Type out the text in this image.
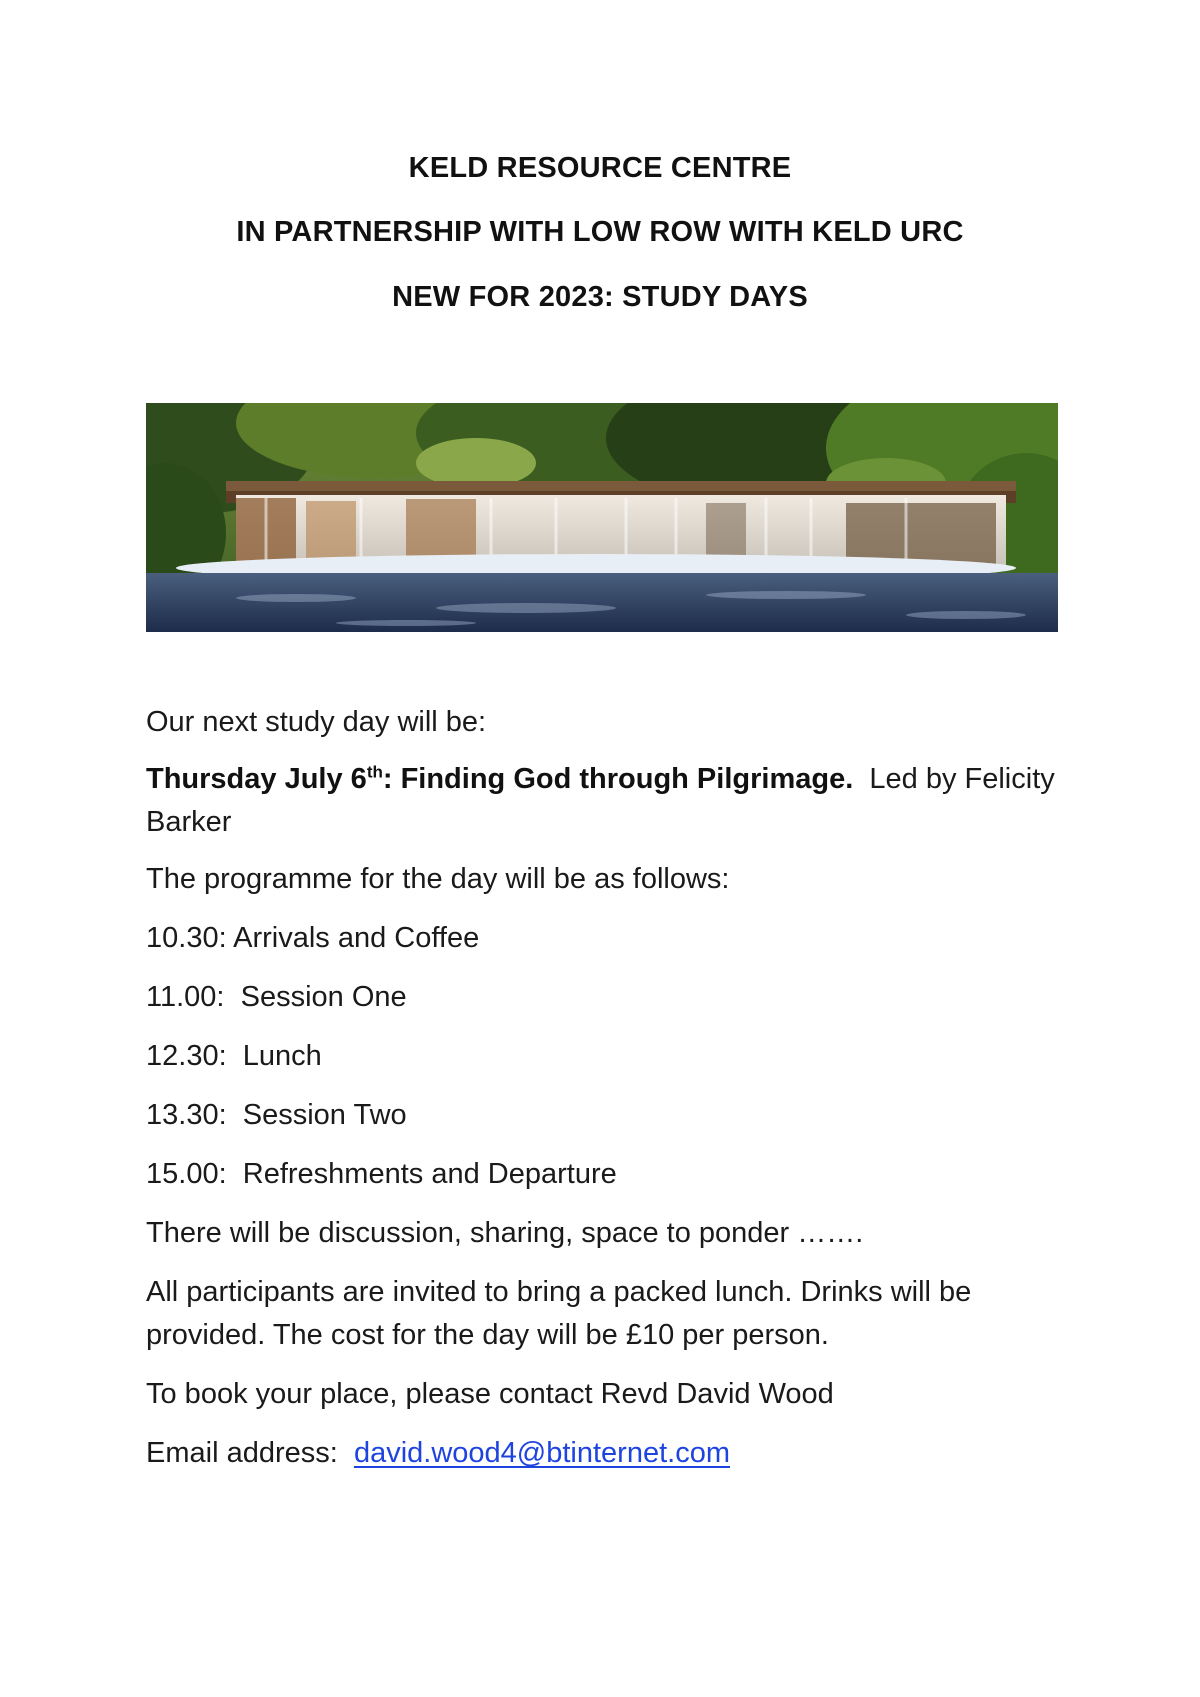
KELD RESOURCE CENTRE
IN PARTNERSHIP WITH LOW ROW WITH KELD URC
NEW FOR 2023: STUDY DAYS
Our next study day will be:
Thursday July 6th: Finding God through Pilgrimage. Led by Felicity Barker
The programme for the day will be as follows:
10.30: Arrivals and Coffee
11.00: Session One
12.30: Lunch
13.30: Session Two
15.00: Refreshments and Departure
There will be discussion, sharing, space to ponder …….
All participants are invited to bring a packed lunch. Drinks will be provided. The cost for the day will be £10 per person.
To book your place, please contact Revd David Wood
Email address: david.wood4@btinternet.com
